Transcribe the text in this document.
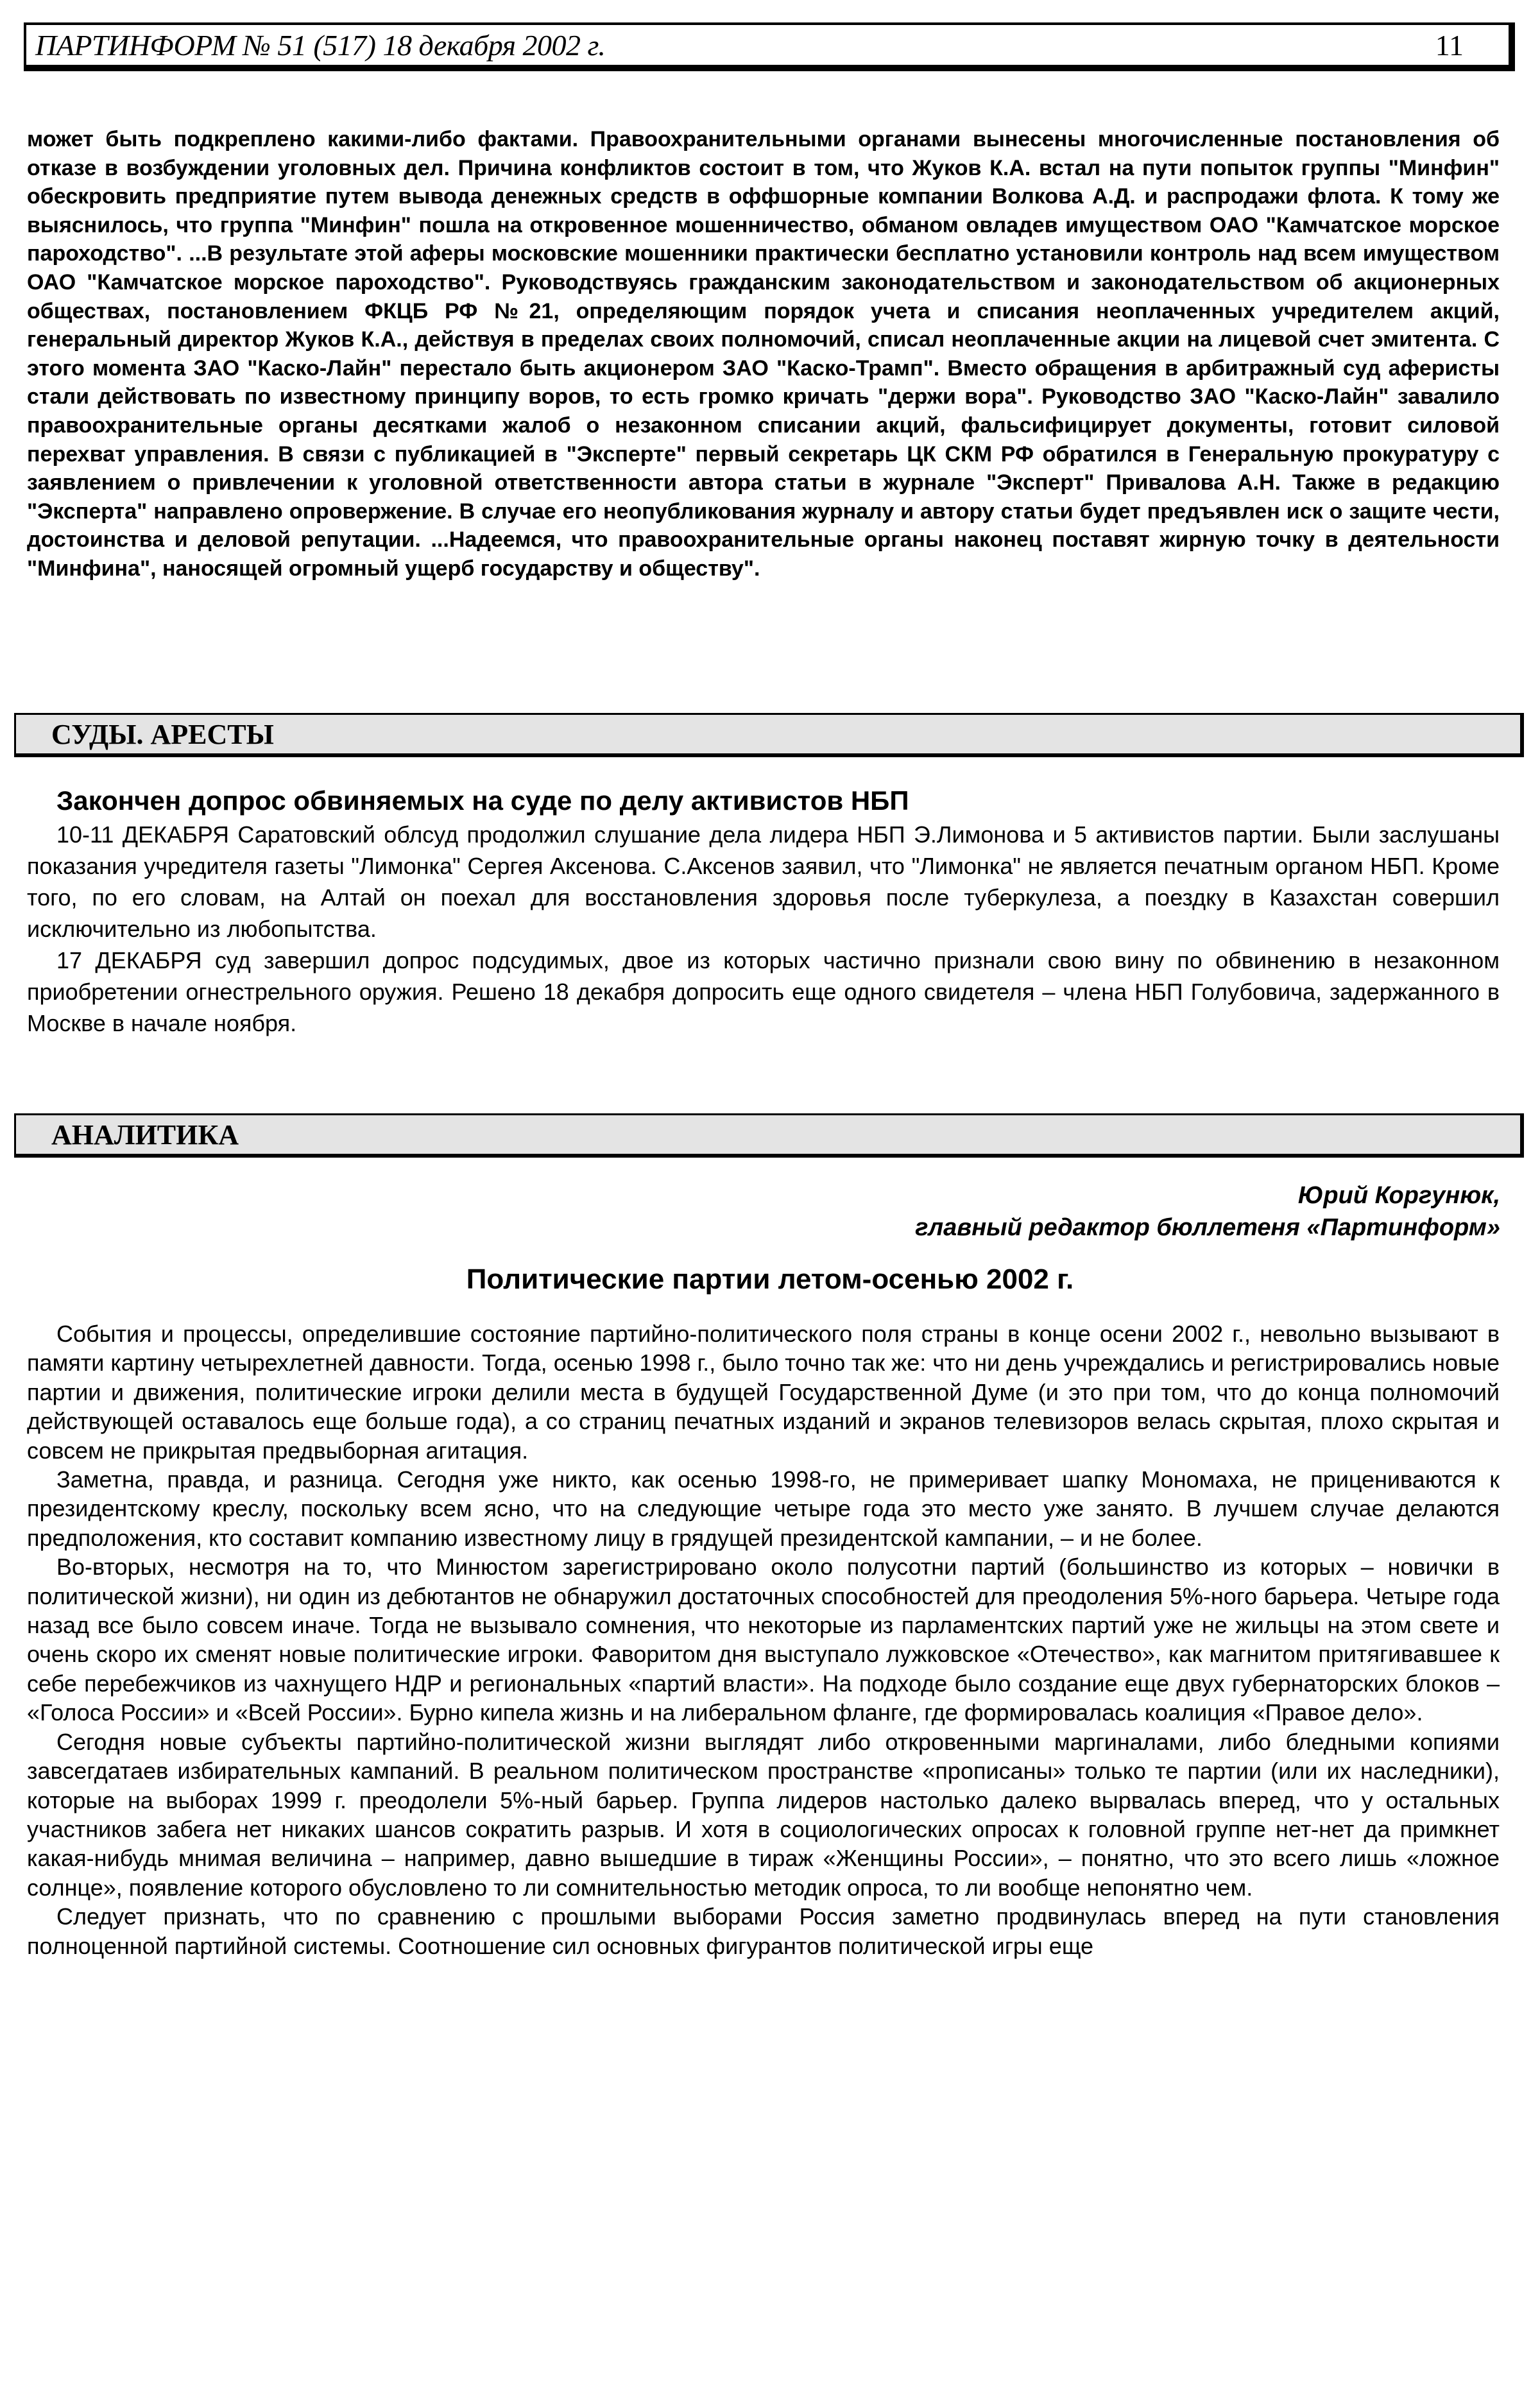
ПАРТИНФОРМ № 51 (517) 18 декабря 2002 г.	11

может быть подкреплено какими-либо фактами. Правоохранительными органами вынесены многочисленные постановления об отказе в возбуждении уголовных дел. Причина конфликтов состоит в том, что Жуков К.А. встал на пути попыток группы "Минфин" обескровить предприятие путем вывода денежных средств в оффшорные компании Волкова А.Д. и распродажи флота. К тому же выяснилось, что группа "Минфин" пошла на откровенное мошенничество, обманом овладев имуществом ОАО "Камчатское морское пароходство". ...В результате этой аферы московские мошенники практически бесплатно установили контроль над всем имуществом ОАО "Камчатское морское пароходство". Руководствуясь гражданским законодательством и законодательством об акционерных обществах, постановлением ФКЦБ РФ №21, определяющим порядок учета и списания неоплаченных учредителем акций, генеральный директор Жуков К.А., действуя в пределах своих полномочий, списал неоплаченные акции на лицевой счет эмитента. С этого момента ЗАО "Каско-Лайн" перестало быть акционером ЗАО "Каско-Трамп". Вместо обращения в арбитражный суд аферисты стали действовать по известному принципу воров, то есть громко кричать "держи вора". Руководство ЗАО "Каско-Лайн" завалило правоохранительные органы десятками жалоб о незаконном списании акций, фальсифицирует документы, готовит силовой перехват управления. В связи с публикацией в "Эксперте" первый секретарь ЦК СКМ РФ обратился в Генеральную прокуратуру с заявлением о привлечении к уголовной ответственности автора статьи в журнале "Эксперт" Привалова А.Н. Также в редакцию "Эксперта" направлено опровержение. В случае его неопубликования журналу и автору статьи будет предъявлен иск о защите чести, достоинства и деловой репутации. ...Надеемся, что правоохранительные органы наконец поставят жирную точку в деятельности "Минфина", наносящей огромный ущерб государству и обществу".

СУДЫ. АРЕСТЫ
Закончен допрос обвиняемых на суде по делу активистов НБП

10-11 ДЕКАБРЯ Саратовский облсуд продолжил слушание дела лидера НБП Э.Лимонова и 5 активистов партии. Были заслушаны показания учредителя газеты "Лимонка" Сергея Аксенова. С.Аксенов заявил, что "Лимонка" не является печатным органом НБП. Кроме того, по его словам, на Алтай он поехал для восстановления здоровья после туберкулеза, а поездку в Казахстан совершил исключительно из любопытства.

17 ДЕКАБРЯ суд завершил допрос подсудимых, двое из которых частично признали свою вину по обвинению в незаконном приобретении огнестрельного оружия. Решено 18 декабря допросить еще одного свидетеля – члена НБП Голубовича, задержанного в Москве в начале ноября.

АНАЛИТИКА
Юрий Коргунюк,
главный редактор бюллетеня «Партинформ»
Политические партии летом-осенью 2002 г.

События и процессы, определившие состояние партийно-политического поля страны в конце осени 2002 г., невольно вызывают в памяти картину четырехлетней давности. Тогда, осенью 1998 г., было точно так же: что ни день учреждались и регистрировались новые партии и движения, политические игроки делили места в будущей Государственной Думе (и это при том, что до конца полномочий действующей оставалось еще больше года), а со страниц печатных изданий и экранов телевизоров велась скрытая, плохо скрытая и совсем не прикрытая предвыборная агитация.

Заметна, правда, и разница. Сегодня уже никто, как осенью 1998-го, не примеривает шапку Мономаха, не прицениваются к президентскому креслу, поскольку всем ясно, что на следующие четыре года это место уже занято. В лучшем случае делаются предположения, кто составит компанию известному лицу в грядущей президентской кампании, – и не более.

Во-вторых, несмотря на то, что Минюстом зарегистрировано около полусотни партий (большинство из которых – новички в политической жизни), ни один из дебютантов не обнаружил достаточных способностей для преодоления 5%-ного барьера. Четыре года назад все было совсем иначе. Тогда не вызывало сомнения, что некоторые из парламентских партий уже не жильцы на этом свете и очень скоро их сменят новые политические игроки. Фаворитом дня выступало лужковское «Отечество», как магнитом притягивавшее к себе перебежчиков из чахнущего НДР и региональных «партий власти». На подходе было создание еще двух губернаторских блоков – «Голоса России» и «Всей России». Бурно кипела жизнь и на либеральном фланге, где формировалась коалиция «Правое дело».

Сегодня новые субъекты партийно-политической жизни выглядят либо откровенными маргиналами, либо бледными копиями завсегдатаев избирательных кампаний. В реальном политическом пространстве «прописаны» только те партии (или их наследники), которые на выборах 1999 г. преодолели 5%-ный барьер. Группа лидеров настолько далеко вырвалась вперед, что у остальных участников забега нет никаких шансов сократить разрыв. И хотя в социологических опросах к головной группе нет-нет да примкнет какая-нибудь мнимая величина – например, давно вышедшие в тираж «Женщины России», – понятно, что это всего лишь «ложное солнце», появление которого обусловлено то ли сомнительностью методик опроса, то ли вообще непонятно чем.

Следует признать, что по сравнению с прошлыми выборами Россия заметно продвинулась вперед на пути становления полноценной партийной системы. Соотношение сил основных фигурантов политической игры еще
